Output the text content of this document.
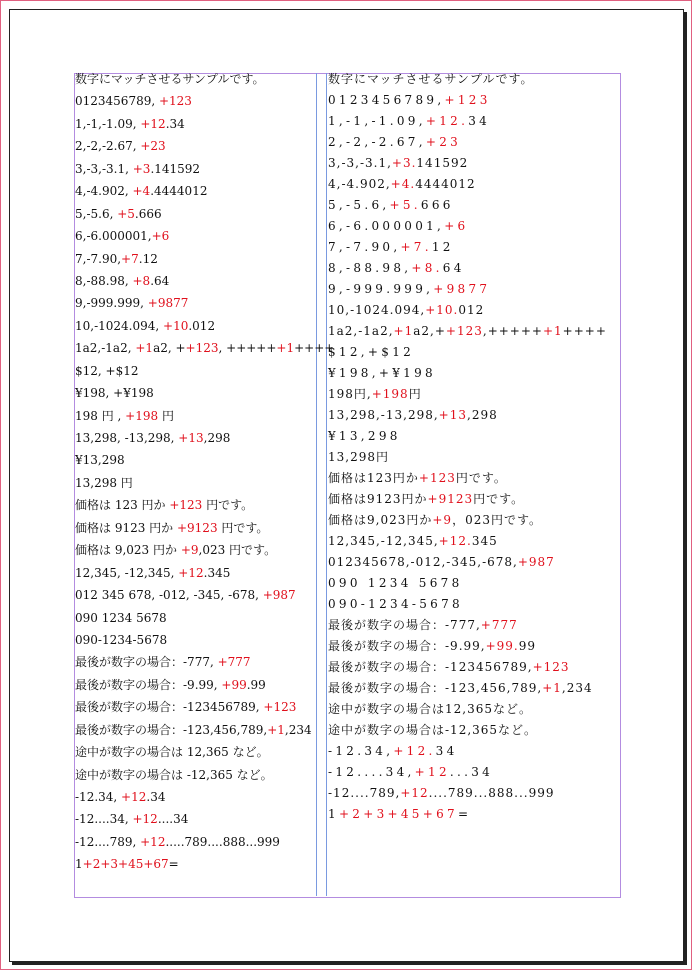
数字にマッチさせるサンプルです。
0123456789, +123
1,-1,-1.09, +12.34
2,-2,-2.67, +23
3,-3,-3.1, +3.141592
4,-4.902, +4.4444012
5,-5.6, +5.666
6,-6.000001,+6
7,-7.90,+7.12
8,-88.98, +8.64
9,-999.999, +9877
10,-1024.094, +10.012
1a2,-1a2, +1a2, ++123, ++++++1++++
$12, +$12
¥198, +¥198
198 円 , +198 円
13,298, -13,298, +13,298
¥13,298
13,298 円
価格は 123 円か +123 円です。
価格は 9123 円か +9123 円です。
価格は 9,023 円か +9,023 円です。
12,345, -12,345, +12.345
012 345 678, -012, -345, -678, +987
090 1234 5678
090-1234-5678
最後が数字の場合：-777, +777
最後が数字の場合：-9.99, +99.99
最後が数字の場合：-123456789, +123
最後が数字の場合：-123,456,789,+1,234
途中が数字の場合は 12,365 など。
途中が数字の場合は -12,365 など。
-12.34, +12.34
-12....34, +12....34
-12....789, +12.....789....888...999
1+2+3+45+67=
数字にマッチさせるサンプルです。
0123456789,+123
1,-1,-1.09,+12.34
2,-2,-2.67,+23
3,-3,-3.1,+3.141592
4,-4.902,+4.4444012
5,-5.6,+5.666
6,-6.000001,+6
7,-7.90,+7.12
8,-88.98,+8.64
9,-999.999,+9877
10,-1024.094,+10.012
1a2,-1a2,+1a2,++123,++++++1++++
$12,+$12
¥198,+¥198
198円,+198円
13,298,-13,298,+13,298
¥13,298
13,298円
価格は123円か+123円です。
価格は9123円か+9123円です。
価格は9,023円か+9，023円です。
12,345,-12,345,+12.345
012345678,-012,-345,-678,+987
090 1234 5678
090-1234-5678
最後が数字の場合：-777,+777
最後が数字の場合：-9.99,+99.99
最後が数字の場合：-123456789,+123
最後が数字の場合：-123,456,789,+1,234
途中が数字の場合は12,365など。
途中が数字の場合は-12,365など。
-12.34,+12.34
-12....34,+12...34
-12....789,+12....789...888...999
1+2+3+45+67=
